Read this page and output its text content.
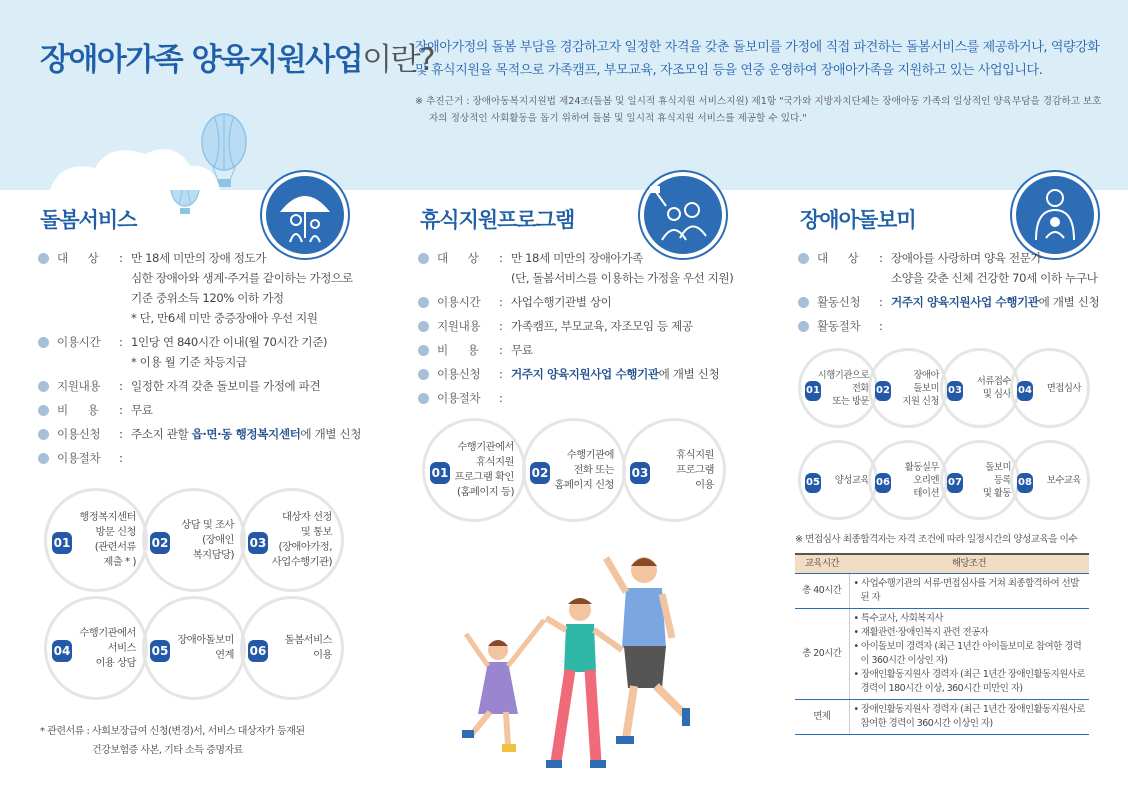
장애아가족 양육지원사업이란?
장애아가정의 돌봄 부담을 경감하고자 일정한 자격을 갖춘 돌보미를 가정에 직접 파견하는 돌봄서비스를 제공하거나, 역량강화 및 휴식지원을 목적으로 가족캠프, 부모교육, 자조모임 등을 연중 운영하여 장애아가족을 지원하고 있는 사업입니다.
※ 추진근거 : 장애아동복지지원법 제24조(돌봄 및 일시적 휴식지원 서비스지원) 제1항 "국가와 지방자치단체는 장애아동 가족의 일상적인 양육부담을 경감하고 보호자의 정상적인 사회활동을 돕기 위하여 돌봄 및 일시적 휴식지원 서비스를 제공할 수 있다."
돌봄서비스
대      상	: 만 18세 미만의 장애 정도가

심한 장애아와 생계·주거를 같이하는 가정으로

기준 중위소득 120% 이하 가정

* 단, 만6세 미만 중증장애아 우선 지원

이용시간	: 1인당 연 840시간 이내(월 70시간 기준)

* 이용 월 기준 차등지급

지원내용	: 일정한 자격 갖춘 돌보미를 가정에 파견

비      용	: 무료

이용신청	: 주소지 관할 읍·면·동 행정복지센터에 개별 신청
이용절차	:

01
행정복지센터
방문 신청
(관련서류
제출 * )
02
상담 및 조사
(장애인
복지담당)
03
대상자 선정
및 통보
(장애아가정,
사업수행기관)
04
수행기관에서
서비스
이용 상담
05
장애아돌보미
연계 06
돌봄서비스
이용
* 관련서류 : 사회보장급여 신청(변경)서, 서비스 대상자가 등재된
건강보험증 사본, 기타 소득 증명자료
휴식지원프로그램
대      상	: 만 18세 미만의 장애아가족

(단, 돌봄서비스를 이용하는 가정을 우선 지원)

이용시간	: 사업수행기관별 상이

지원내용	: 가족캠프, 부모교육, 자조모임 등 제공

비      용	: 무료

이용신청	: 거주지 양육지원사업 수행기관에 개별 신청
이용절차	:

01
수행기관에서
휴식지원
프로그램 확인
(홈페이지 등)
02
수행기관에
전화 또는
홈페이지 신청
03
휴식지원
프로그램
이용
장애아돌보미
대      상	: 장애아를 사랑하며 양육 전문가

소양을 갖춘 신체 건강한 70세 이하 누구나

활동신청	: 거주지 양육지원사업 수행기관에 개별 신청
활동절차	:

01
시행기관으로
전화
또는 방문
02
장애아
돌보미
지원 신청
03
서류접수
및 심사 04	면접심사
05	양성교육 06
활동실무
오리엔
테이션
07
돌보미
등록
및 활동
08	보수교육
※ 면접심사 최종합격자는 자격 조건에 따라 일정시간의 양성교육을 이수
교육시간	해당조건
총 40시간	• 사업수행기관의 서류·면접심사를 거쳐 최종합격하여 선발된 자

총 20시간	• 특수교사, 사회복지사

• 재활관련·장애인복지 관련 전공자

• 아이돌보미 경력자 (최근 1년간 아이돌보미로 참여한 경력이 360시간 이상인 자)

• 장애인활동지원사 경력자 (최근 1년간 장애인활동지원사로 경력이 180시간 이상, 360시간 미만인 자)

면제	• 장애인활동지원사 경력자 (최근 1년간 장애인활동지원사로 참여한 경력이 360시간 이상인 자)
